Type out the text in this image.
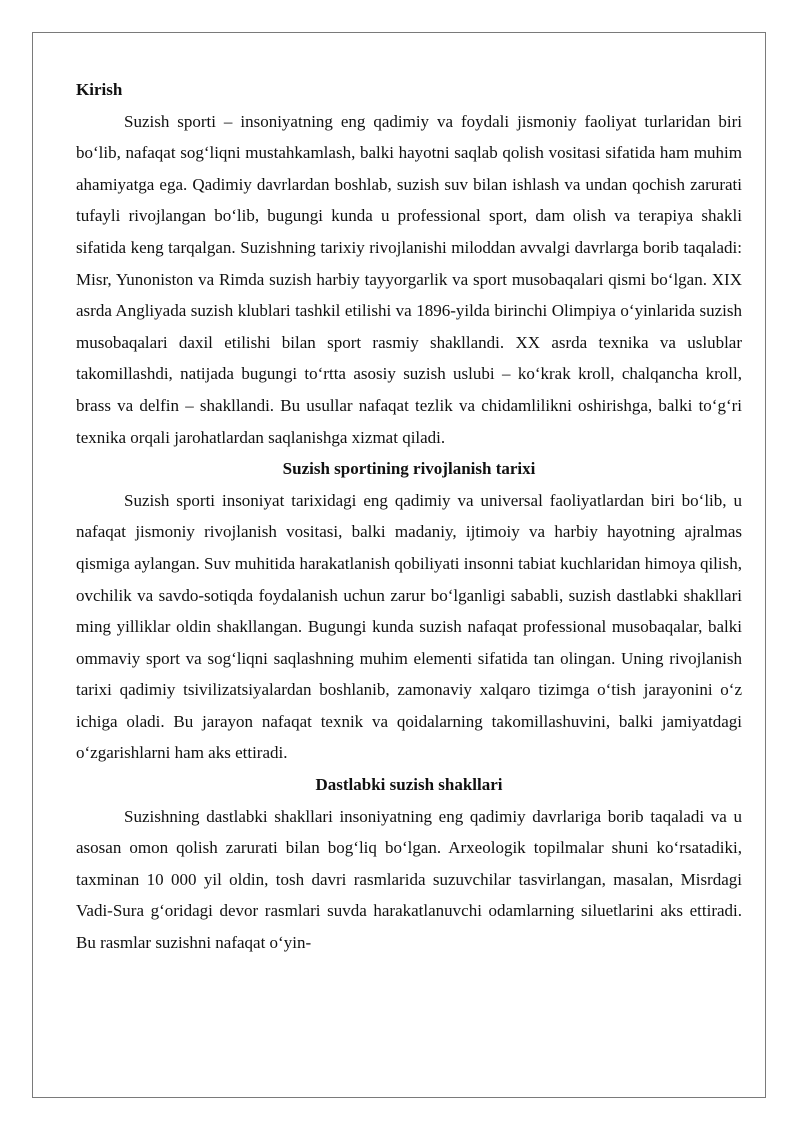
Kirish

Suzish sporti – insoniyatning eng qadimiy va foydali jismoniy faoliyat turlaridan biri bo‘lib, nafaqat sog‘liqni mustahkamlash, balki hayotni saqlab qolish vositasi sifatida ham muhim ahamiyatga ega. Qadimiy davrlardan boshlab, suzish suv bilan ishlash va undan qochish zarurati tufayli rivojlangan bo‘lib, bugungi kunda u professional sport, dam olish va terapiya shakli sifatida keng tarqalgan. Suzishning tarixiy rivojlanishi miloddan avvalgi davrlarga borib taqaladi: Misr, Yunoniston va Rimda suzish harbiy tayyorgarlik va sport musobaqalari qismi bo‘lgan. XIX asrda Angliyada suzish klublari tashkil etilishi va 1896-yilda birinchi Olimpiya o‘yinlarida suzish musobaqalari daxil etilishi bilan sport rasmiy shakllandi. XX asrda texnika va uslublar takomillashdi, natijada bugungi to‘rtta asosiy suzish uslubi – ko‘krak kroll, chalqancha kroll, brass va delfin – shakllandi. Bu usullar nafaqat tezlik va chidamlilikni oshirishga, balki to‘g‘ri texnika orqali jarohatlardan saqlanishga xizmat qiladi.

Suzish sportining rivojlanish tarixi

Suzish sporti insoniyat tarixidagi eng qadimiy va universal faoliyatlardan biri bo‘lib, u nafaqat jismoniy rivojlanish vositasi, balki madaniy, ijtimoiy va harbiy hayotning ajralmas qismiga aylangan. Suv muhitida harakatlanish qobiliyati insonni tabiat kuchlaridan himoya qilish, ovchilik va savdo-sotiqda foydalanish uchun zarur bo‘lganligi sababli, suzish dastlabki shakllari ming yilliklar oldin shakllangan. Bugungi kunda suzish nafaqat professional musobaqalar, balki ommaviy sport va sog‘liqni saqlashning muhim elementi sifatida tan olingan. Uning rivojlanish tarixi qadimiy tsivilizatsiyalardan boshlanib, zamonaviy xalqaro tizimga o‘tish jarayonini o‘z ichiga oladi. Bu jarayon nafaqat texnik va qoidalarning takomillashuvini, balki jamiyatdagi o‘zgarishlarni ham aks ettiradi.

Dastlabki suzish shakllari

Suzishning dastlabki shakllari insoniyatning eng qadimiy davrlariga borib taqaladi va u asosan omon qolish zarurati bilan bog‘liq bo‘lgan. Arxeologik topilmalar shuni ko‘rsatadiki, taxminan 10 000 yil oldin, tosh davri rasmlarida suzuvchilar tasvirlangan, masalan, Misrdagi Vadi-Sura g‘oridagi devor rasmlari suvda harakatlanuvchi odamlarning siluetlarini aks ettiradi. Bu rasmlar suzishni nafaqat o‘yin-
